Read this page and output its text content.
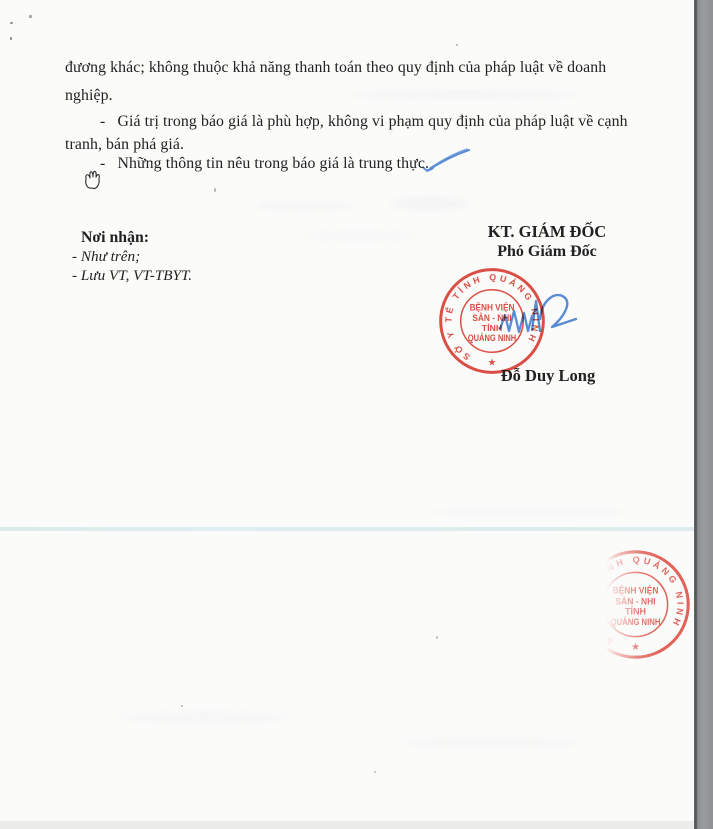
đương khác; không thuộc khả năng thanh toán theo quy định của pháp luật về doanh
nghiệp.
-   Giá trị trong báo giá là phù hợp, không vi phạm quy định của pháp luật về cạnh
tranh, bán phá giá.
-   Những thông tin nêu trong báo giá là trung thực.
Nơi nhận:
- Như trên;
- Lưu VT, VT-TBYT.
KT. GIÁM ĐỐC
Phó Giám Đốc
SỞ Y TẾ TỈNH QUẢNG NINH
★
BỆNH VIỆN
SẢN - NHI
TỈNH
QUẢNG NINH
Đỗ Duy Long
SỞ Y TẾ TỈNH QUẢNG NINH
★
BỆNH VIỆN
SẢN - NHI
TỈNH
QUẢNG NINH
